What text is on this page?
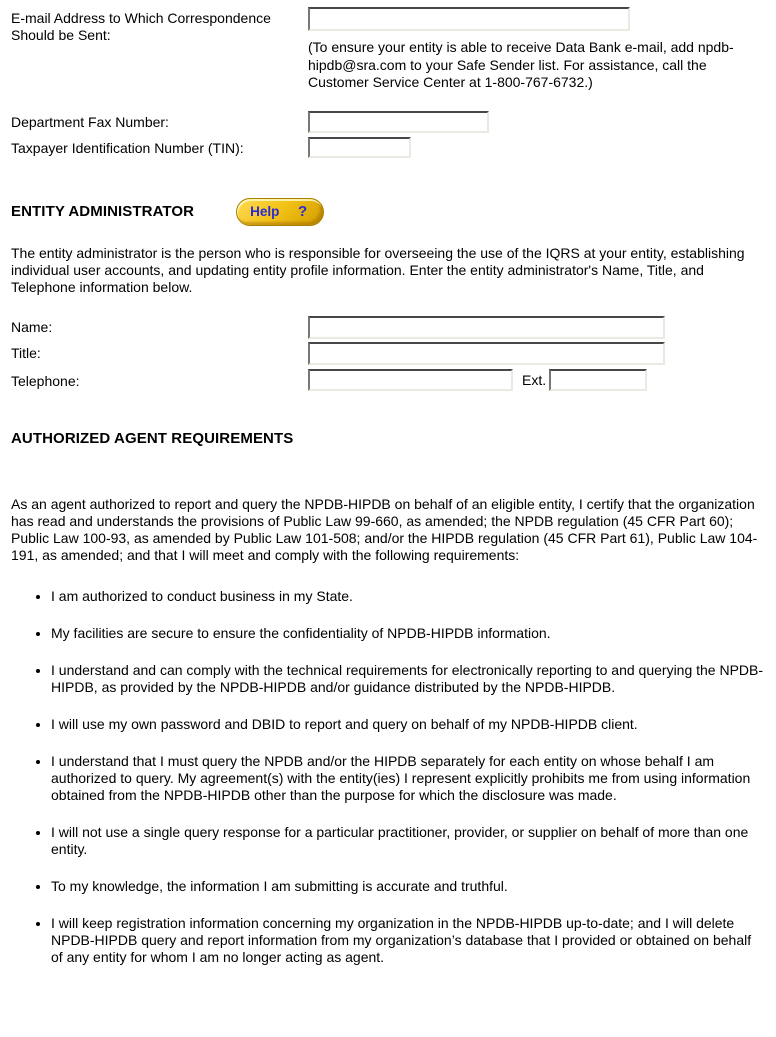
E-mail Address to Which Correspondence Should be Sent:
(To ensure your entity is able to receive Data Bank e-mail, add npdb-hipdb@sra.com to your Safe Sender list. For assistance, call the Customer Service Center at 1-800-767-6732.)
Department Fax Number:
Taxpayer Identification Number (TIN):
ENTITY ADMINISTRATOR	Help ?

The entity administrator is the person who is responsible for overseeing the use of the IQRS at your entity, establishing individual user accounts, and updating entity profile information. Enter the entity administrator's Name, Title, and Telephone information below.

Name:
Title:
Telephone:	Ext.
AUTHORIZED AGENT REQUIREMENTS

As an agent authorized to report and query the NPDB-HIPDB on behalf of an eligible entity, I certify that the organization has read and understands the provisions of Public Law 99-660, as amended; the NPDB regulation (45 CFR Part 60); Public Law 100-93, as amended by Public Law 101-508; and/or the HIPDB regulation (45 CFR Part 61), Public Law 104-191, as amended; and that I will meet and comply with the following requirements:

• I am authorized to conduct business in my State.
• My facilities are secure to ensure the confidentiality of NPDB-HIPDB information.
• I understand and can comply with the technical requirements for electronically reporting to and querying the NPDB-HIPDB, as provided by the NPDB-HIPDB and/or guidance distributed by the NPDB-HIPDB.
• I will use my own password and DBID to report and query on behalf of my NPDB-HIPDB client.
• I understand that I must query the NPDB and/or the HIPDB separately for each entity on whose behalf I am authorized to query. My agreement(s) with the entity(ies) I represent explicitly prohibits me from using information obtained from the NPDB-HIPDB other than the purpose for which the disclosure was made.
• I will not use a single query response for a particular practitioner, provider, or supplier on behalf of more than one entity.
• To my knowledge, the information I am submitting is accurate and truthful.
• I will keep registration information concerning my organization in the NPDB-HIPDB up-to-date; and I will delete NPDB-HIPDB query and report information from my organization’s database that I provided or obtained on behalf of any entity for whom I am no longer acting as agent.
